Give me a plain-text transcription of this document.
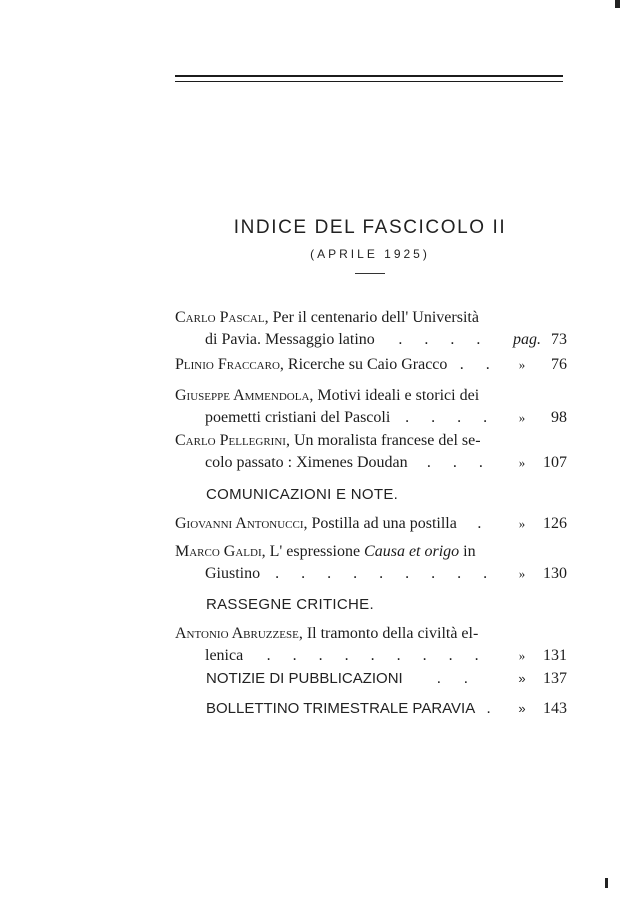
INDICE DEL FASCICOLO II
(APRILE 1925)
Carlo Pascal, Per il centenario dell' Università
di Pavia. Messaggio latino	. . . .	pag. 73
Plinio Fraccaro, Ricerche su Caio Gracco . .	»	76
Giuseppe Ammendola, Motivi ideali e storici dei
poemetti cristiani del Pascoli . . . .	»	98
Carlo Pellegrini, Un moralista francese del se-
colo passato : Ximenes Doudan	. . .	»	107
COMUNICAZIONI E NOTE.
Giovanni Antonucci, Postilla ad una postilla	.	»	126
Marco Galdi, L' espressione Causa et origo in
Giustino . . . . . . . . .	»	130
RASSEGNE CRITICHE.
Antonio Abruzzese, Il tramonto della civiltà el-
lenica	. . . . . . . . .	»	131
NOTIZIE DI PUBBLICAZIONI	. .	»	137
BOLLETTINO TRIMESTRALE PARAVIA .	»	143
